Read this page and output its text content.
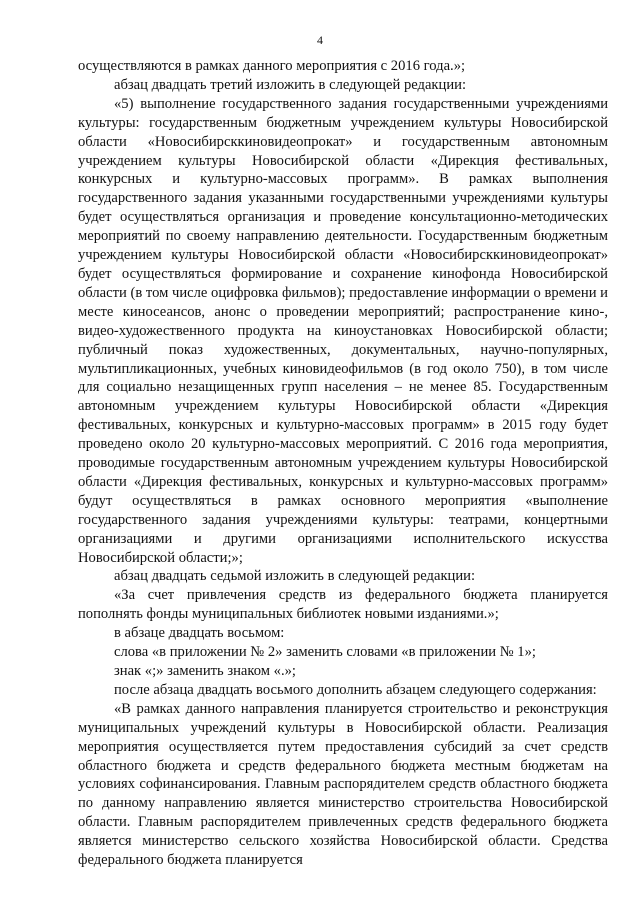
4

осуществляются в рамках данного мероприятия с 2016 года.»;

абзац двадцать третий изложить в следующей редакции:

«5) выполнение государственного задания государственными учреждениями культуры: государственным бюджетным учреждением культуры Новосибирской области «Новосибирсккиновидеопрокат» и государственным автономным учреждением культуры Новосибирской области «Дирекция фестивальных, конкурсных и культурно-массовых программ». В рамках выполнения государственного задания указанными государственными учреждениями культуры будет осуществляться организация и проведение консультационно-методических мероприятий по своему направлению деятельности. Государственным бюджетным учреждением культуры Новосибирской области «Новосибирсккиновидеопрокат» будет осуществляться формирование и сохранение кинофонда Новосибирской области (в том числе оцифровка фильмов); предоставление информации о времени и месте киносеансов, анонс о проведении мероприятий; распространение кино-, видео-художественного продукта на киноустановках Новосибирской области; публичный показ художественных, документальных, научно-популярных, мультипликационных, учебных киновидеофильмов (в год около 750), в том числе для социально незащищенных групп населения – не менее 85. Государственным автономным учреждением культуры Новосибирской области «Дирекция фестивальных, конкурсных и культурно-массовых программ» в 2015 году будет проведено около 20 культурно-массовых мероприятий. С 2016 года мероприятия, проводимые государственным автономным учреждением культуры Новосибирской области «Дирекция фестивальных, конкурсных и культурно-массовых программ» будут осуществляться в рамках основного мероприятия «выполнение государственного задания учреждениями культуры: театрами, концертными организациями и другими организациями исполнительского искусства Новосибирской области;»;

абзац двадцать седьмой изложить в следующей редакции:

«За счет привлечения средств из федерального бюджета планируется пополнять фонды муниципальных библиотек новыми изданиями.»;

в абзаце двадцать восьмом:

слова «в приложении № 2» заменить словами «в приложении № 1»;

знак «;» заменить знаком «.»;

после абзаца двадцать восьмого дополнить абзацем следующего содержания:

«В рамках данного направления планируется строительство и реконструкция муниципальных учреждений культуры в Новосибирской области. Реализация мероприятия осуществляется путем предоставления субсидий за счет средств областного бюджета и средств федерального бюджета местным бюджетам на условиях софинансирования. Главным распорядителем средств областного бюджета по данному направлению является министерство строительства Новосибирской области. Главным распорядителем привлеченных средств федерального бюджета является министерство сельского хозяйства Новосибирской области. Средства федерального бюджета планируется
